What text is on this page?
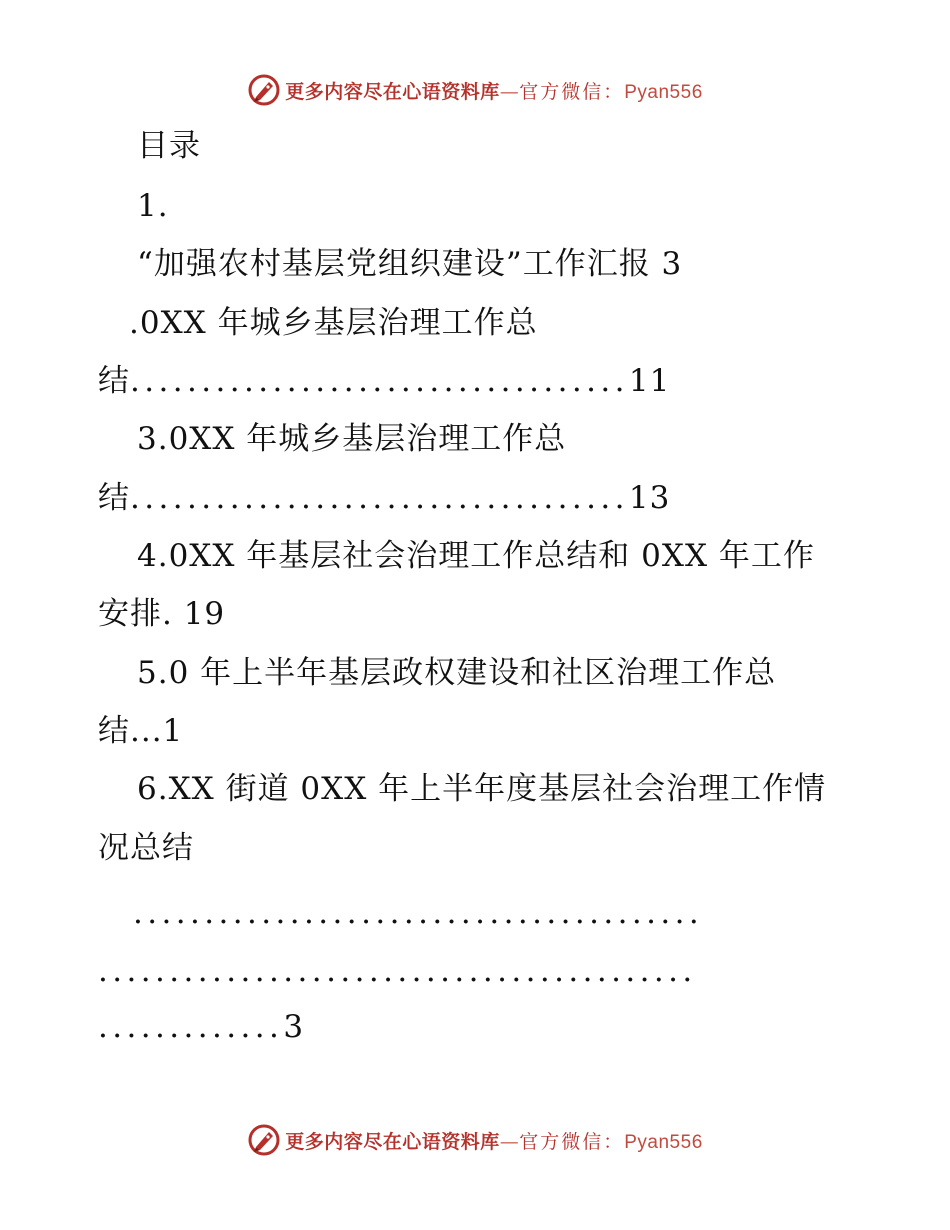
更多内容尽在心语资料库—官方微信：Pyan556
目录
1.
“加强农村基层党组织建设”工作汇报 3
.0XX 年城乡基层治理工作总
结...................................11
3.0XX 年城乡基层治理工作总
结...................................13
4.0XX 年基层社会治理工作总结和 0XX 年工作
安排. 19
5.0 年上半年基层政权建设和社区治理工作总
结...1
6.XX 街道 0XX 年上半年度基层社会治理工作情
况总结
........................................
..........................................
.............3
更多内容尽在心语资料库—官方微信：Pyan556
